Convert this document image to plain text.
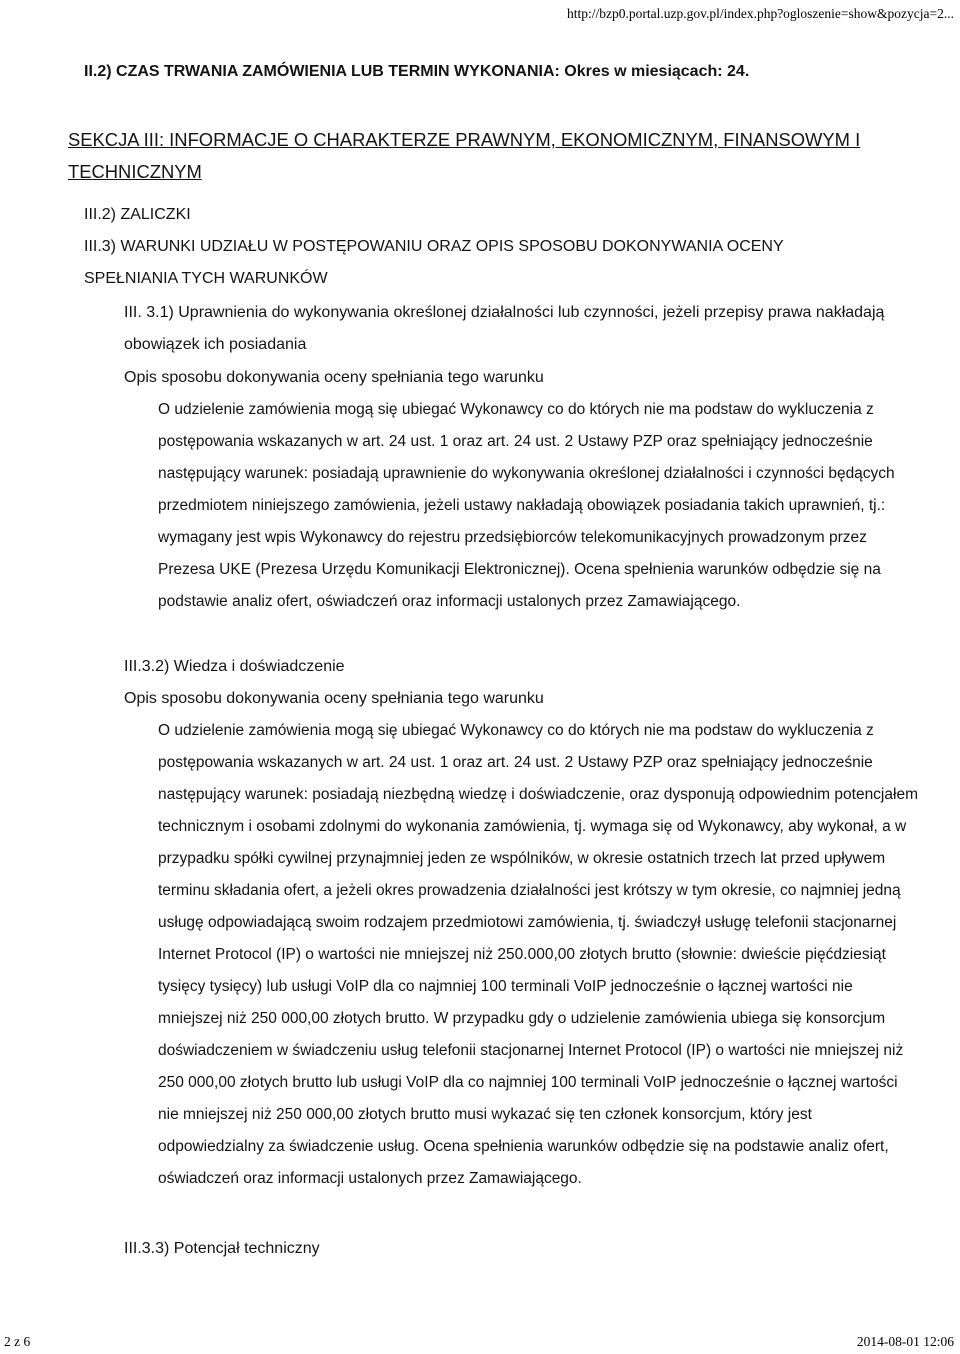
http://bzp0.portal.uzp.gov.pl/index.php?ogloszenie=show&pozycja=2...
II.2) CZAS TRWANIA ZAMÓWIENIA LUB TERMIN WYKONANIA: Okres w miesiącach: 24.
SEKCJA III: INFORMACJE O CHARAKTERZE PRAWNYM, EKONOMICZNYM, FINANSOWYM I TECHNICZNYM
III.2) ZALICZKI
III.3) WARUNKI UDZIAŁU W POSTĘPOWANIU ORAZ OPIS SPOSOBU DOKONYWANIA OCENY SPEŁNIANIA TYCH WARUNKÓW
III. 3.1) Uprawnienia do wykonywania określonej działalności lub czynności, jeżeli przepisy prawa nakładają obowiązek ich posiadania
Opis sposobu dokonywania oceny spełniania tego warunku
O udzielenie zamówienia mogą się ubiegać Wykonawcy co do których nie ma podstaw do wykluczenia z postępowania wskazanych w art. 24 ust. 1 oraz art. 24 ust. 2 Ustawy PZP oraz spełniający jednocześnie następujący warunek: posiadają uprawnienie do wykonywania określonej działalności i czynności będących przedmiotem niniejszego zamówienia, jeżeli ustawy nakładają obowiązek posiadania takich uprawnień, tj.: wymagany jest wpis Wykonawcy do rejestru przedsiębiorców telekomunikacyjnych prowadzonym przez Prezesa UKE (Prezesa Urzędu Komunikacji Elektronicznej). Ocena spełnienia warunków odbędzie się na podstawie analiz ofert, oświadczeń oraz informacji ustalonych przez Zamawiającego.
III.3.2) Wiedza i doświadczenie
Opis sposobu dokonywania oceny spełniania tego warunku
O udzielenie zamówienia mogą się ubiegać Wykonawcy co do których nie ma podstaw do wykluczenia z postępowania wskazanych w art. 24 ust. 1 oraz art. 24 ust. 2 Ustawy PZP oraz spełniający jednocześnie następujący warunek: posiadają niezbędną wiedzę i doświadczenie, oraz dysponują odpowiednim potencjałem technicznym i osobami zdolnymi do wykonania zamówienia, tj. wymaga się od Wykonawcy, aby wykonał, a w przypadku spółki cywilnej przynajmniej jeden ze wspólników, w okresie ostatnich trzech lat przed upływem terminu składania ofert, a jeżeli okres prowadzenia działalności jest krótszy w tym okresie, co najmniej jedną usługę odpowiadającą swoim rodzajem przedmiotowi zamówienia, tj. świadczył usługę telefonii stacjonarnej Internet Protocol (IP) o wartości nie mniejszej niż 250.000,00 złotych brutto (słownie: dwieście pięćdziesiąt tysięcy tysięcy) lub usługi VoIP dla co najmniej 100 terminali VoIP jednocześnie o łącznej wartości nie mniejszej niż 250 000,00 złotych brutto. W przypadku gdy o udzielenie zamówienia ubiega się konsorcjum doświadczeniem w świadczeniu usług telefonii stacjonarnej Internet Protocol (IP) o wartości nie mniejszej niż 250 000,00 złotych brutto lub usługi VoIP dla co najmniej 100 terminali VoIP jednocześnie o łącznej wartości nie mniejszej niż 250 000,00 złotych brutto musi wykazać się ten członek konsorcjum, który jest odpowiedzialny za świadczenie usług. Ocena spełnienia warunków odbędzie się na podstawie analiz ofert, oświadczeń oraz informacji ustalonych przez Zamawiającego.
III.3.3) Potencjał techniczny
2 z 6	2014-08-01 12:06
